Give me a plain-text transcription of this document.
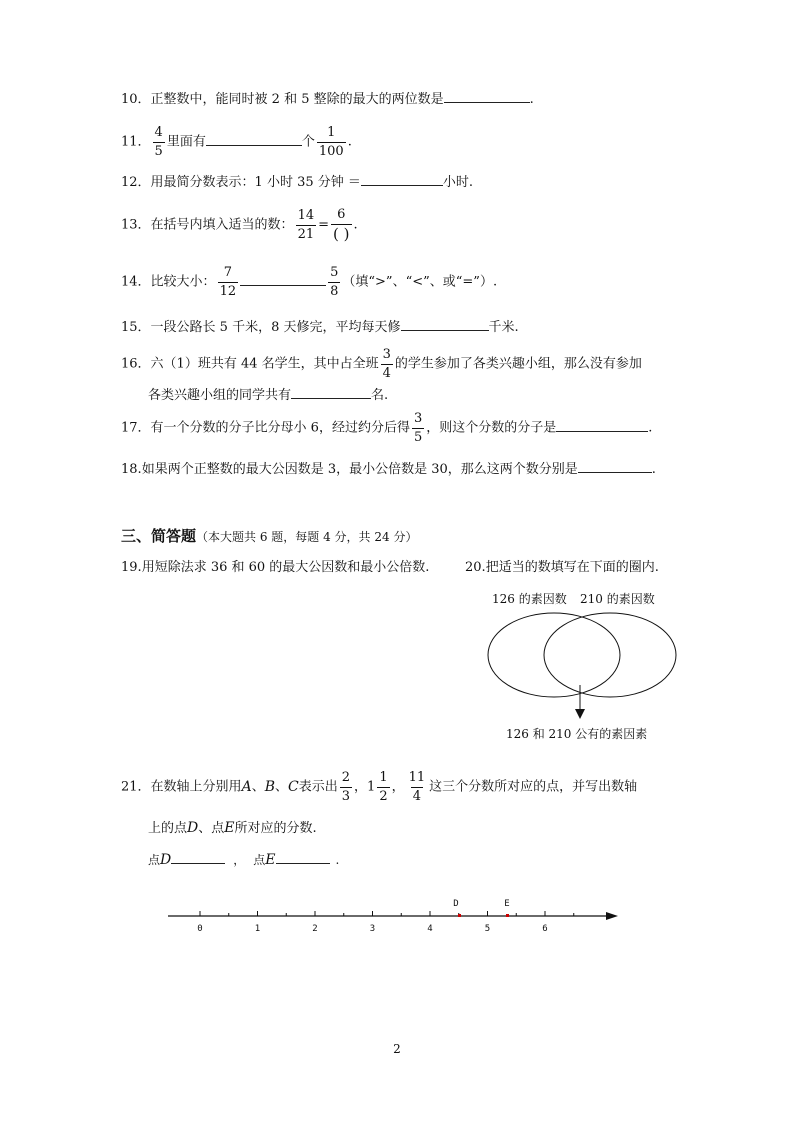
10．正整数中，能同时被 2 和 5 整除的最大的两位数是	.
11． $\frac{4}{5}$ 里面有	个 $\frac{1}{100}$ .
12．用最简分数表示：1 小时 35 分钟 ＝	小时.
13．在括号内填入适当的数： $\frac{14}{21} = \frac{6}{( )}$ .
14．比较大小： $\frac{7}{12}$	$\frac{5}{8}$ （填“>”、“<”、或“=”）.
15．一段公路长 5 千米，8 天修完，平均每天修	千米.
16．六（1）班共有 44 名学生，其中占全班 $\frac{3}{4}$ 的学生参加了各类兴趣小组，那么没有参加
各类兴趣小组的同学共有	名.
17．有一个分数的分子比分母小 6，经过约分后得 $\frac{3}{5}$ ，则这个分数的分子是	.
18.如果两个正整数的最大公因数是 3，最小公倍数是 30，那么这两个数分别是	.
三、简答题（本大题共 6 题，每题 4 分，共 24 分）
19.用短除法求 36 和 60 的最大公因数和最小公倍数.	20.把适当的数填写在下面的圈内.
126 的素因数 210 的素因数
126 和 210 公有的素因素
21．在数轴上分别用A、B、C表示出 $\frac{2}{3}$ ，$1 \frac{1}{2}$ ， $\frac{11}{4}$ 这三个分数所对应的点，并写出数轴
上的点D、点E所对应的分数.
点D	， 点E	.
0	1	2	3	4	5	6
D	E
2
